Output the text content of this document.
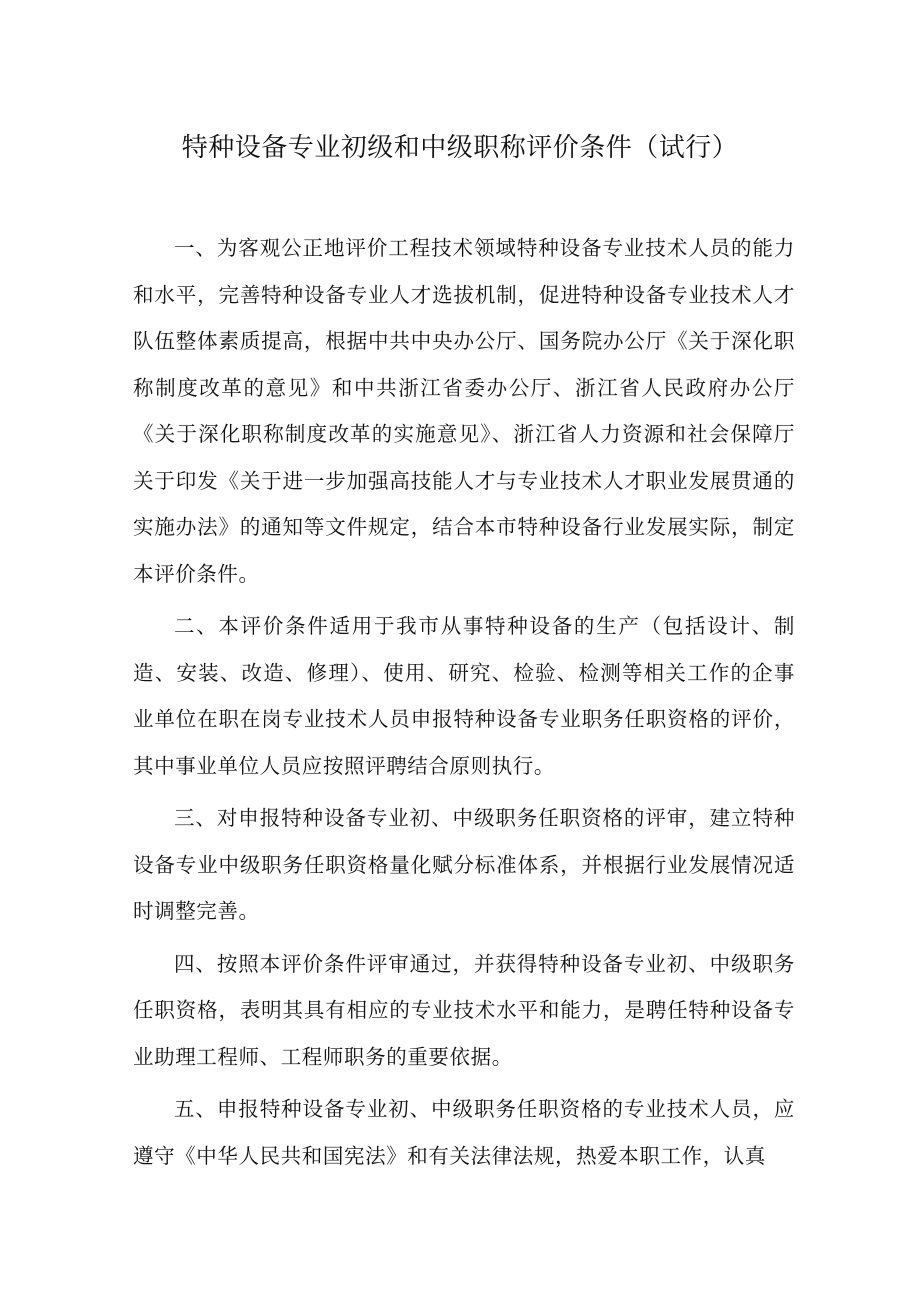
特种设备专业初级和中级职称评价条件（试行）

一、为客观公正地评价工程技术领域特种设备专业技术人员的能力和水平，完善特种设备专业人才选拔机制，促进特种设备专业技术人才队伍整体素质提高，根据中共中央办公厅、国务院办公厅《关于深化职称制度改革的意见》和中共浙江省委办公厅、浙江省人民政府办公厅《关于深化职称制度改革的实施意见》、浙江省人力资源和社会保障厅关于印发《关于进一步加强高技能人才与专业技术人才职业发展贯通的实施办法》的通知等文件规定，结合本市特种设备行业发展实际，制定本评价条件。

二、本评价条件适用于我市从事特种设备的生产（包括设计、制造、安装、改造、修理）、使用、研究、检验、检测等相关工作的企事业单位在职在岗专业技术人员申报特种设备专业职务任职资格的评价，其中事业单位人员应按照评聘结合原则执行。

三、对申报特种设备专业初、中级职务任职资格的评审，建立特种设备专业中级职务任职资格量化赋分标准体系，并根据行业发展情况适时调整完善。

四、按照本评价条件评审通过，并获得特种设备专业初、中级职务任职资格，表明其具有相应的专业技术水平和能力，是聘任特种设备专业助理工程师、工程师职务的重要依据。

五、申报特种设备专业初、中级职务任职资格的专业技术人员，应遵守《中华人民共和国宪法》和有关法律法规，热爱本职工作，认真
